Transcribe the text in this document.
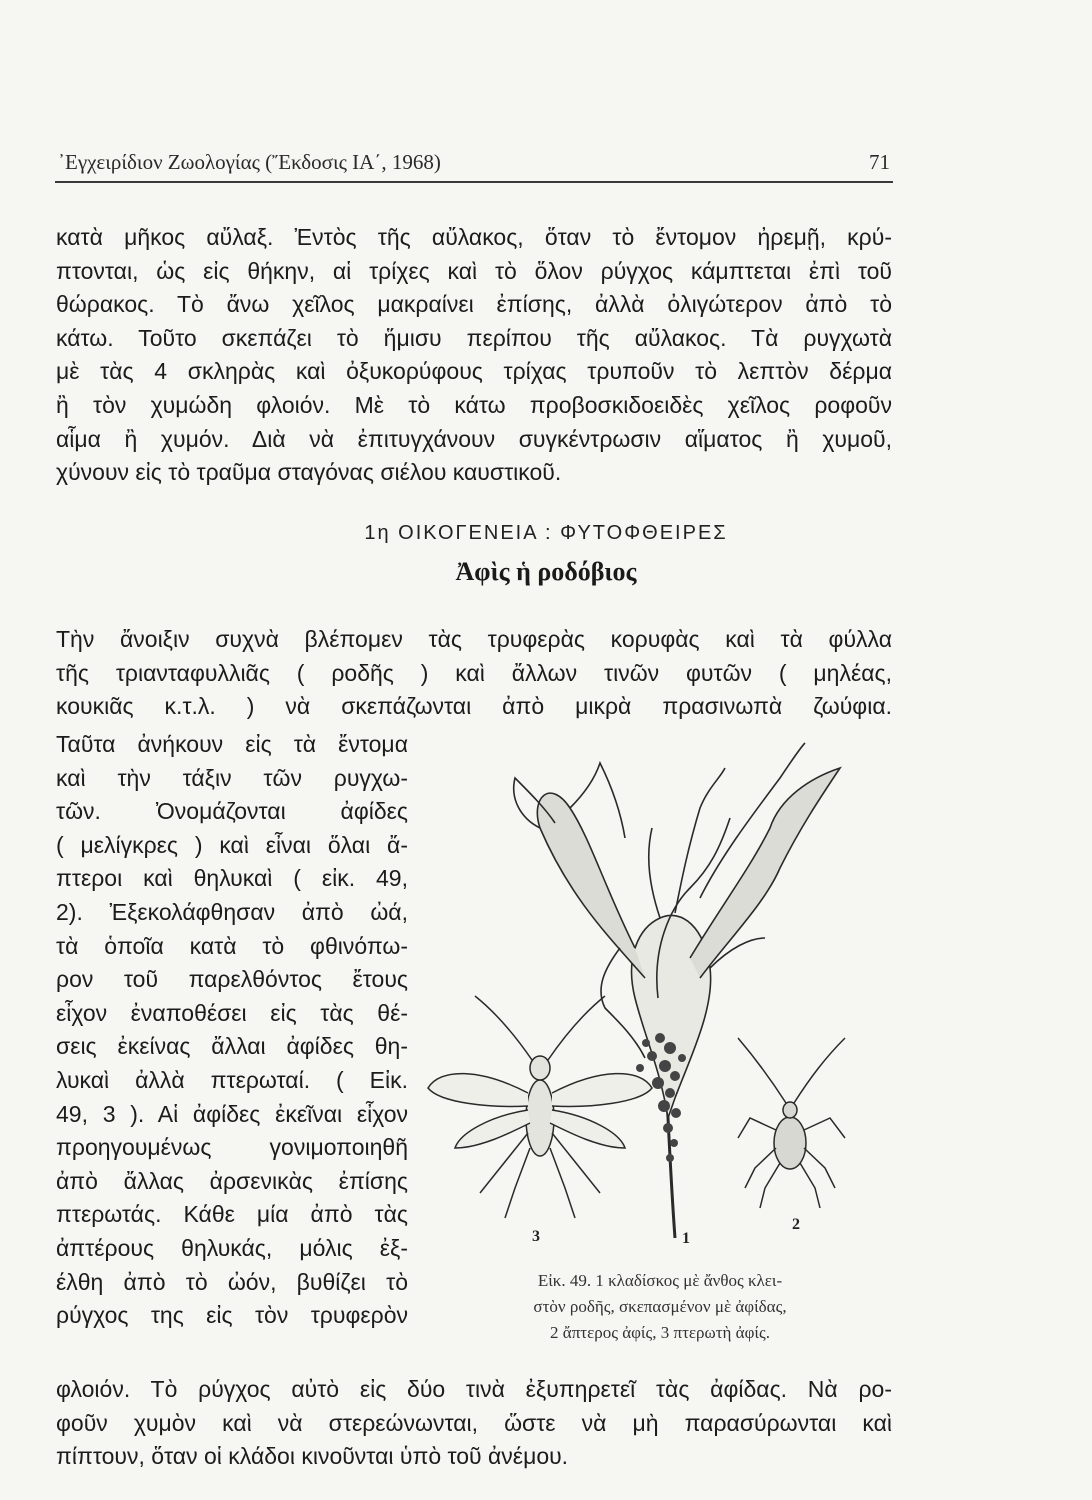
᾿Εγχειρίδιον Ζωολογίας (Ἔκδοσις ΙΑ΄, 1968)	71
κατὰ μῆκος αὔλαξ. Ἐντὸς τῆς αὔλακος, ὅταν τὸ ἔντομον ἠρεμῇ, κρύ-
πτονται, ὡς εἰς θήκην, αἱ τρίχες καὶ τὸ ὅλον ρύγχος κάμπτεται ἐπὶ τοῦ
θώρακος. Τὸ ἄνω χεῖλος μακραίνει ἐπίσης, ἀλλὰ ὀλιγώτερον ἀπὸ τὸ
κάτω. Τοῦτο σκεπάζει τὸ ἥμισυ περίπου τῆς αὔλακος. Τὰ ρυγχωτὰ
μὲ τὰς 4 σκληρὰς καὶ ὀξυκορύφους τρίχας τρυποῦν τὸ λεπτὸν δέρμα
ἢ τὸν χυμώδη φλοιόν. Μὲ τὸ κάτω προβοσκιδοειδὲς χεῖλος ροφοῦν
αἷμα ἢ χυμόν. Διὰ νὰ ἐπιτυγχάνουν συγκέντρωσιν αἵματος ἢ χυμοῦ,
χύνουν εἰς τὸ τραῦμα σταγόνας σιέλου καυστικοῦ.
1η ΟΙΚΟΓΕΝΕΙΑ : ΦΥΤΟΦΘΕΙΡΕΣ
Ἀφὶς ἡ ροδόβιος
Τὴν ἄνοιξιν συχνὰ βλέπομεν τὰς τρυφερὰς κορυφὰς καὶ τὰ φύλλα
τῆς τριανταφυλλιᾶς ( ροδῆς ) καὶ ἄλλων τινῶν φυτῶν ( μηλέας,
κουκιᾶς κ.τ.λ. ) νὰ σκεπάζωνται ἀπὸ μικρὰ πρασινωπὰ ζωύφια.
Ταῦτα ἀνήκουν εἰς τὰ ἔντομα
καὶ τὴν τάξιν τῶν ρυγχω-
τῶν. Ὀνομάζονται ἀφίδες
( μελίγκρες ) καὶ εἶναι ὅλαι ἄ-
πτεροι καὶ θηλυκαὶ ( εἰκ. 49,
2). Ἐξεκολάφθησαν ἀπὸ ὠά,
τὰ ὁποῖα κατὰ τὸ φθινόπω-
ρον τοῦ παρελθόντος ἔτους
εἶχον ἐναποθέσει εἰς τὰς θέ-
σεις ἐκείνας ἄλλαι ἀφίδες θη-
λυκαὶ ἀλλὰ πτερωταί. ( Εἰκ.
49, 3 ). Αἱ ἀφίδες ἐκεῖναι εἶχον
προηγουμένως γονιμοποιηθῆ
ἀπὸ ἄλλας ἀρσενικὰς ἐπίσης
πτερωτάς. Κάθε μία ἀπὸ τὰς
ἀπτέρους θηλυκάς, μόλις ἐξ-
έλθη ἀπὸ τὸ ὠόν, βυθίζει τὸ
ρύγχος της εἰς τὸν τρυφερὸν
3	1
2
Εἰκ. 49. 1 κλαδίσκος μὲ ἄνθος κλει-
στὸν ροδῆς, σκεπασμένον μὲ ἀφίδας,
2 ἄπτερος ἀφίς, 3 πτερωτὴ ἀφίς.
φλοιόν. Τὸ ρύγχος αὐτὸ εἰς δύο τινὰ ἐξυπηρετεῖ τὰς ἀφίδας. Νὰ ρο-
φοῦν χυμὸν καὶ νὰ στερεώνωνται, ὥστε νὰ μὴ παρασύρωνται καὶ
πίπτουν, ὅταν οἱ κλάδοι κινοῦνται ὑπὸ τοῦ ἀνέμου.
